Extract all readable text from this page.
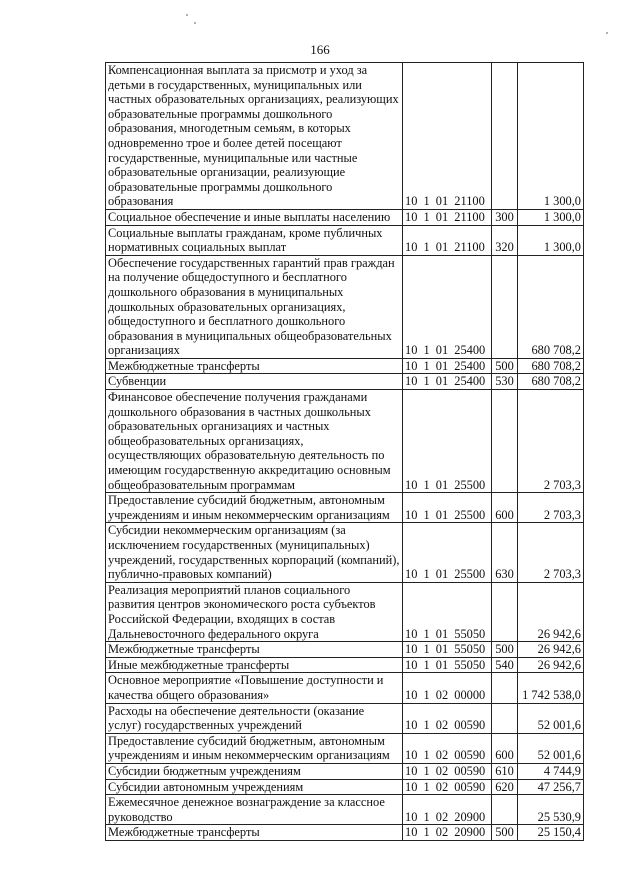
166
Компенсационная выплата за присмотр и уход за детьми в государственных, муниципальных или частных образовательных организациях, реализующих образовательные программы дошкольного образования, многодетным семьям, в которых одновременно трое и более детей посещают государственные, муниципальные или частные образовательные организации, реализующие образовательные программы дошкольного образования	10 1 01 21100		1 300,0
Социальное обеспечение и иные выплаты населению	10 1 01 21100	300	1 300,0
Социальные выплаты гражданам, кроме публичных нормативных социальных выплат	10 1 01 21100	320	1 300,0
Обеспечение государственных гарантий прав граждан на получение общедоступного и бесплатного дошкольного образования в муниципальных дошкольных образовательных организациях, общедоступного и бесплатного дошкольного образования в муниципальных общеобразовательных организациях	10 1 01 25400		680 708,2
Межбюджетные трансферты	10 1 01 25400	500	680 708,2
Субвенции	10 1 01 25400	530	680 708,2
Финансовое обеспечение получения гражданами дошкольного образования в частных дошкольных образовательных организациях и частных общеобразовательных организациях, осуществляющих образовательную деятельность по имеющим государственную аккредитацию основным общеобразовательным программам	10 1 01 25500		2 703,3
Предоставление субсидий бюджетным, автономным учреждениям и иным некоммерческим организациям	10 1 01 25500	600	2 703,3
Субсидии некоммерческим организациям (за исключением государственных (муниципальных) учреждений, государственных корпораций (компаний), публично-правовых компаний)	10 1 01 25500	630	2 703,3
Реализация мероприятий планов социального развития центров экономического роста субъектов Российской Федерации, входящих в состав Дальневосточного федерального округа	10 1 01 55050		26 942,6
Межбюджетные трансферты	10 1 01 55050	500	26 942,6
Иные межбюджетные трансферты	10 1 01 55050	540	26 942,6
Основное мероприятие «Повышение доступности и качества общего образования»	10 1 02 00000		1 742 538,0
Расходы на обеспечение деятельности (оказание услуг) государственных учреждений	10 1 02 00590		52 001,6
Предоставление субсидий бюджетным, автономным учреждениям и иным некоммерческим организациям	10 1 02 00590	600	52 001,6
Субсидии бюджетным учреждениям	10 1 02 00590	610	4 744,9
Субсидии автономным учреждениям	10 1 02 00590	620	47 256,7
Ежемесячное денежное вознаграждение за классное руководство	10 1 02 20900		25 530,9
Межбюджетные трансферты	10 1 02 20900	500	25 150,4
